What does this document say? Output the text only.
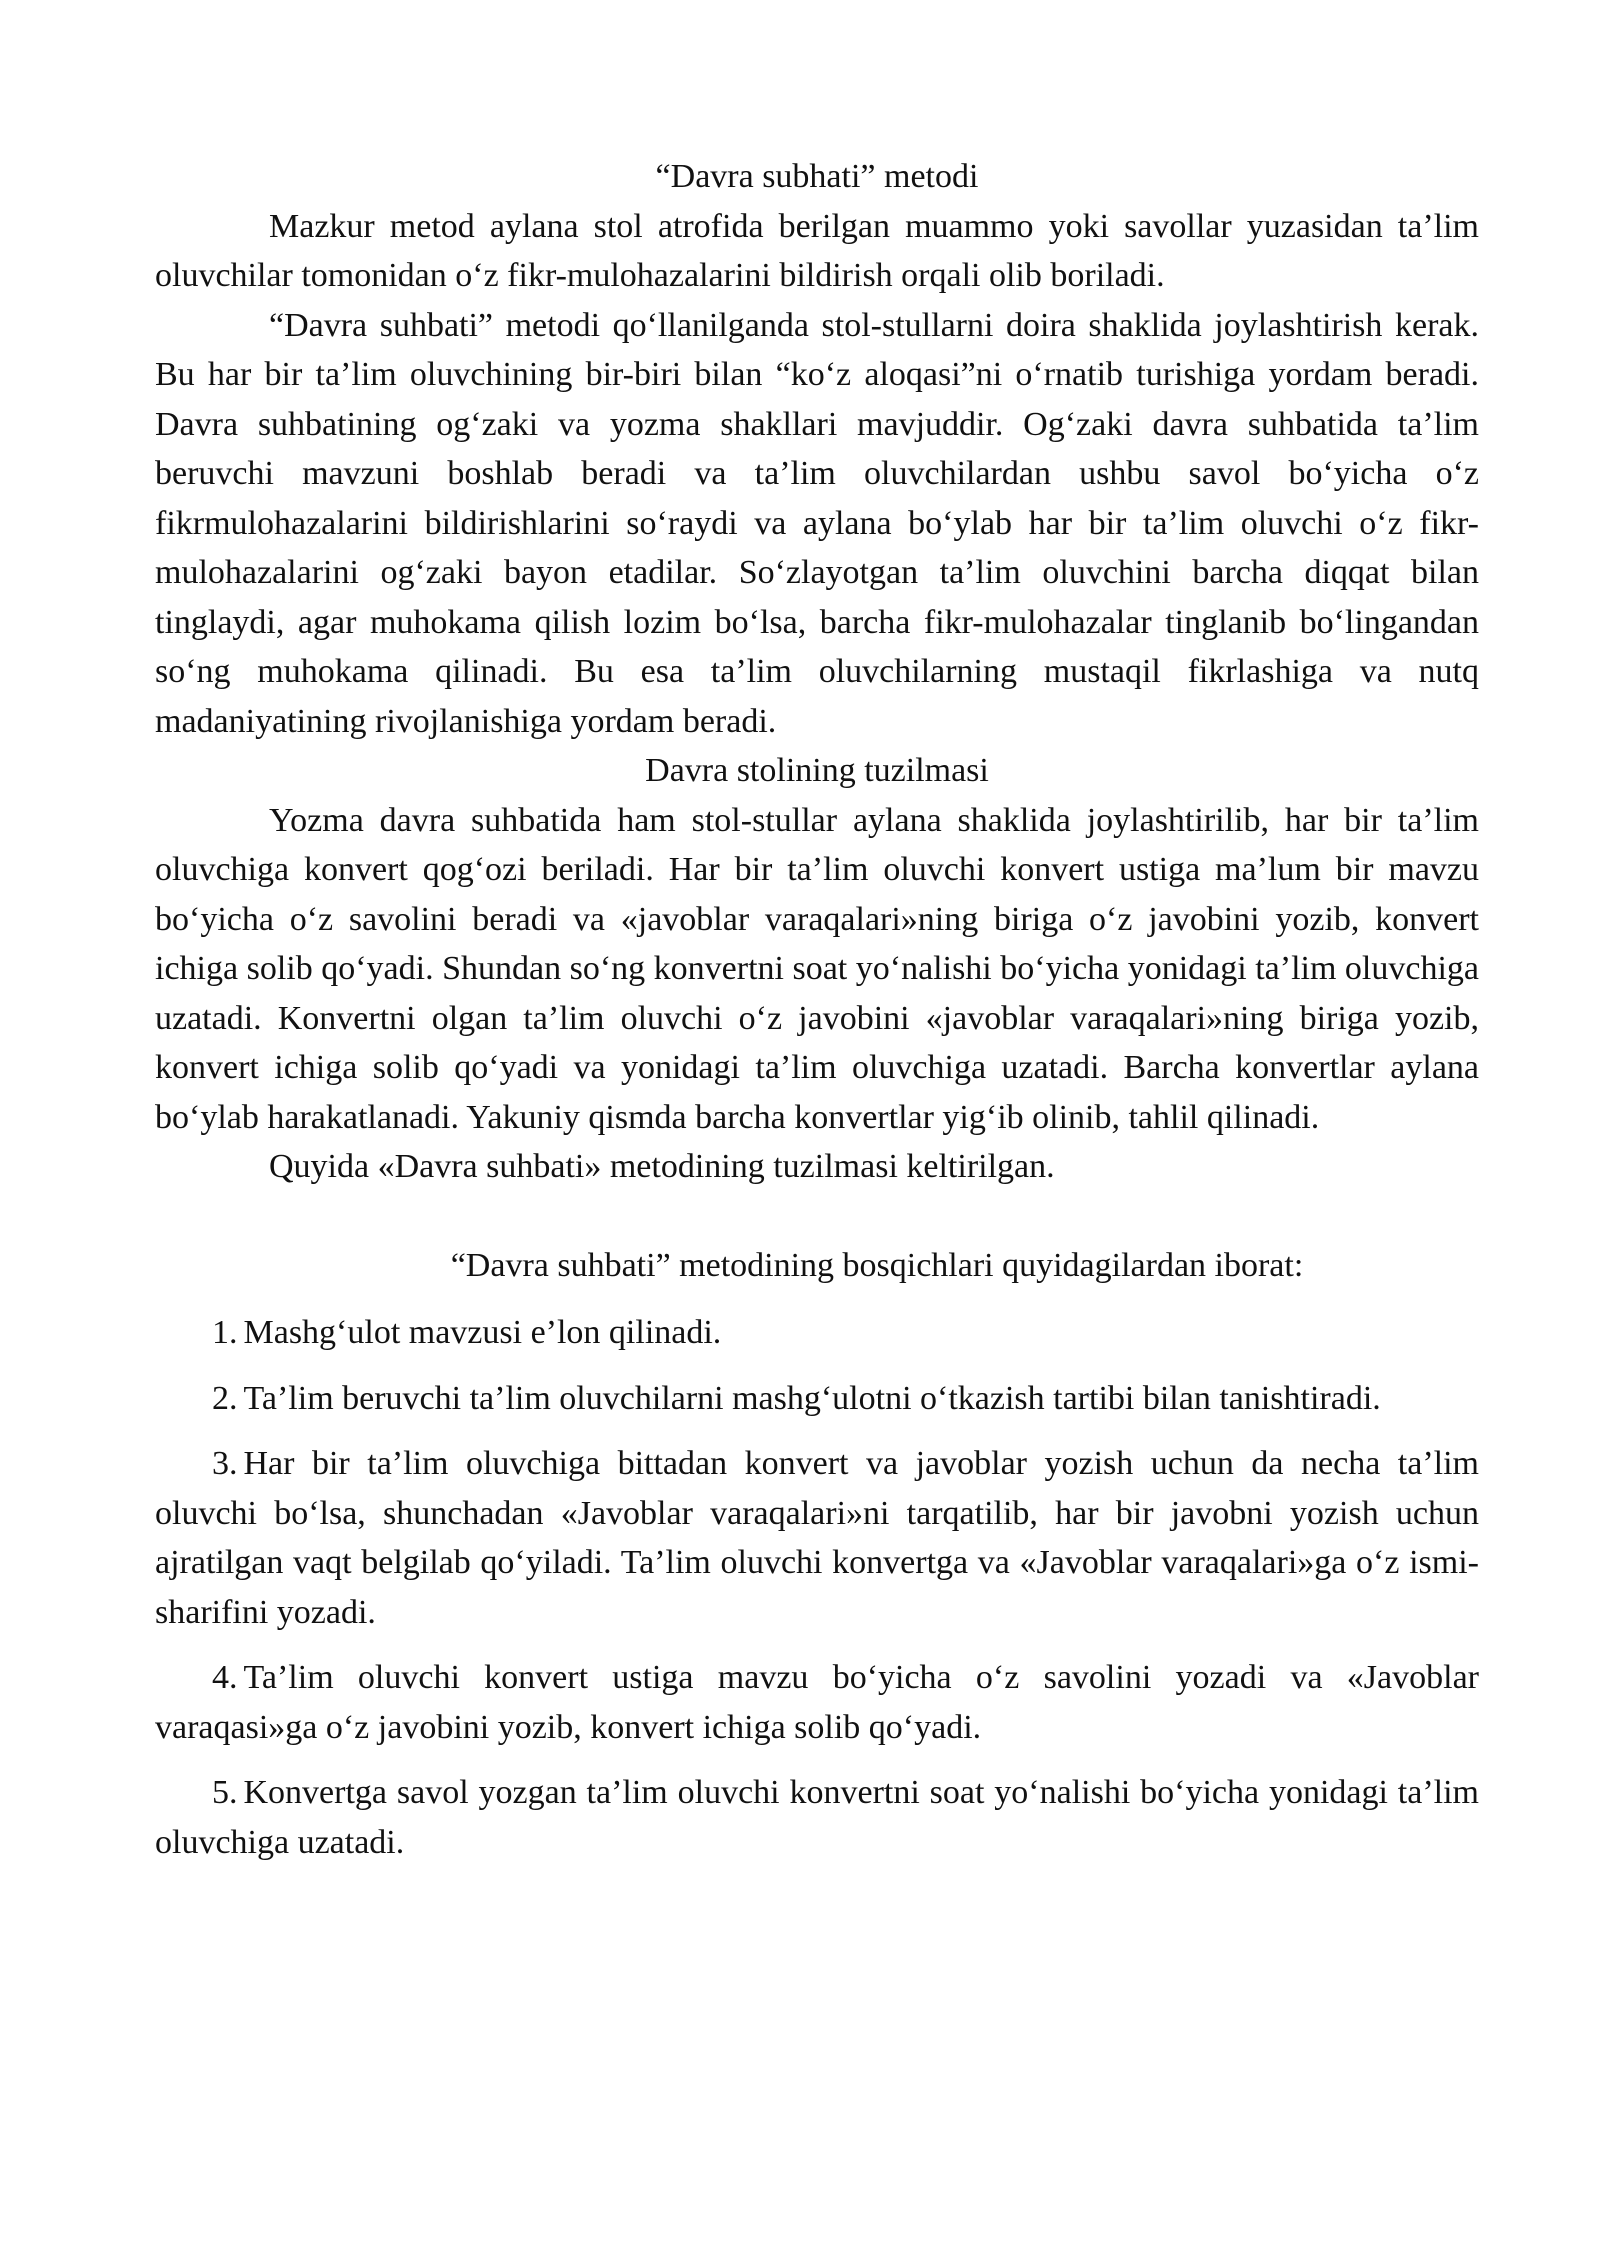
“Davra subhati” metodi

Mazkur metod aylana stol atrofida berilgan muammo yoki savollar yuzasidan ta’lim oluvchilar tomonidan o‘z fikr-mulohazalarini bildirish orqali olib boriladi.

“Davra suhbati” metodi qo‘llanilganda stol-stullarni doira shaklida joylashtirish kerak. Bu har bir ta’lim oluvchining bir-biri bilan “ko‘z aloqasi”ni o‘rnatib turishiga yordam beradi. Davra suhbatining og‘zaki va yozma shakllari mavjuddir. Og‘zaki davra suhbatida ta’lim beruvchi mavzuni boshlab beradi va ta’lim oluvchilardan ushbu savol bo‘yicha o‘z fikrmulohazalarini bildirishlarini so‘raydi va aylana bo‘ylab har bir ta’lim oluvchi o‘z fikr-mulohazalarini og‘zaki bayon etadilar. So‘zlayotgan ta’lim oluvchini barcha diqqat bilan tinglaydi, agar muhokama qilish lozim bo‘lsa, barcha fikr-mulohazalar tinglanib bo‘lingandan so‘ng muhokama qilinadi. Bu esa ta’lim oluvchilarning mustaqil fikrlashiga va nutq madaniyatining rivojlanishiga yordam beradi.

Davra stolining tuzilmasi

Yozma davra suhbatida ham stol-stullar aylana shaklida joylashtirilib, har bir ta’lim oluvchiga konvert qog‘ozi beriladi. Har bir ta’lim oluvchi konvert ustiga ma’lum bir mavzu bo‘yicha o‘z savolini beradi va «javoblar varaqalari»ning biriga o‘z javobini yozib, konvert ichiga solib qo‘yadi. Shundan so‘ng konvertni soat yo‘nalishi bo‘yicha yonidagi ta’lim oluvchiga uzatadi. Konvertni olgan ta’lim oluvchi o‘z javobini «javoblar varaqalari»ning biriga yozib, konvert ichiga solib qo‘yadi va yonidagi ta’lim oluvchiga uzatadi. Barcha konvertlar aylana bo‘ylab harakatlanadi. Yakuniy qismda barcha konvertlar yig‘ib olinib, tahlil qilinadi.

Quyida «Davra suhbati» metodining tuzilmasi keltirilgan.

“Davra suhbati” metodining bosqichlari quyidagilardan iborat:

1. Mashg‘ulot mavzusi e’lon qilinadi.

2. Ta’lim beruvchi ta’lim oluvchilarni mashg‘ulotni o‘tkazish tartibi bilan tanishtiradi.

3. Har bir ta’lim oluvchiga bittadan konvert va javoblar yozish uchun da necha ta’lim oluvchi bo‘lsa, shunchadan «Javoblar varaqalari»ni tarqatilib, har bir javobni yozish uchun ajratilgan vaqt belgilab qo‘yiladi. Ta’lim oluvchi konvertga va «Javoblar varaqalari»ga o‘z ismi-sharifini yozadi.

4. Ta’lim oluvchi konvert ustiga mavzu bo‘yicha o‘z savolini yozadi va «Javoblar varaqasi»ga o‘z javobini yozib, konvert ichiga solib qo‘yadi.

5. Konvertga savol yozgan ta’lim oluvchi konvertni soat yo‘nalishi bo‘yicha yonidagi ta’lim oluvchiga uzatadi.
